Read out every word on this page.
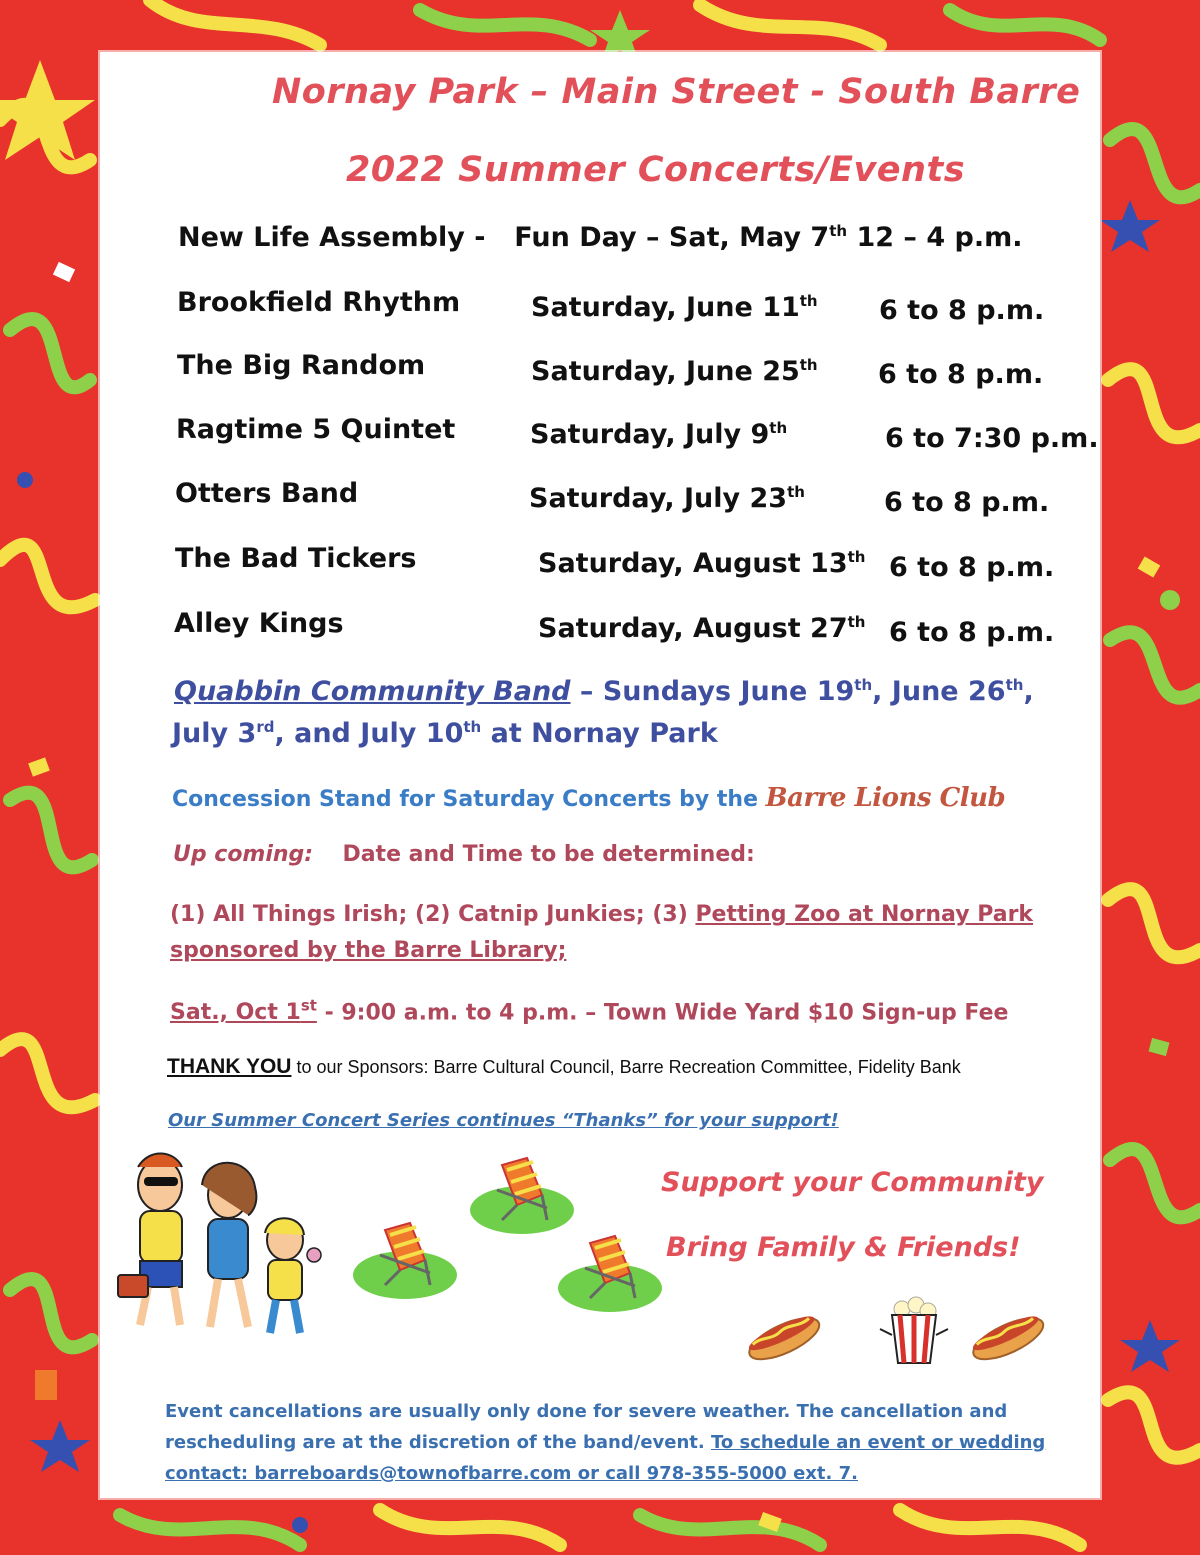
Nornay Park – Main Street - South Barre
2022 Summer Concerts/Events
New Life Assembly - Fun Day – Sat, May 7th 12 – 4 p.m.
Brookfield Rhythm	Saturday, June 11th 6 to 8 p.m.
The Big Random	Saturday, June 25th 6 to 8 p.m.
Ragtime 5 Quintet	Saturday, July 9th	6 to 7:30 p.m.
Otters Band	Saturday, July 23th	6 to 8 p.m.
The Bad Tickers	Saturday, August 13th 6 to 8 p.m.
Alley Kings	Saturday, August 27th 6 to 8 p.m.
Quabbin Community Band – Sundays June 19th, June 26th,
July 3rd, and July 10th at Nornay Park
Concession Stand for Saturday Concerts by the Barre Lions Club
Up coming: Date and Time to be determined:
(1) All Things Irish; (2) Catnip Junkies; (3) Petting Zoo at Nornay Park
sponsored by the Barre Library;
Sat., Oct 1st - 9:00 a.m. to 4 p.m. – Town Wide Yard $10 Sign-up Fee
THANK YOU to our Sponsors: Barre Cultural Council, Barre Recreation Committee, Fidelity Bank
Our Summer Concert Series continues “Thanks” for your support!
Support your Community
Bring Family & Friends!
Event cancellations are usually only done for severe weather. The cancellation and rescheduling are at the discretion of the band/event. To schedule an event or wedding contact: barreboards@townofbarre.com or call 978-355-5000 ext. 7.
